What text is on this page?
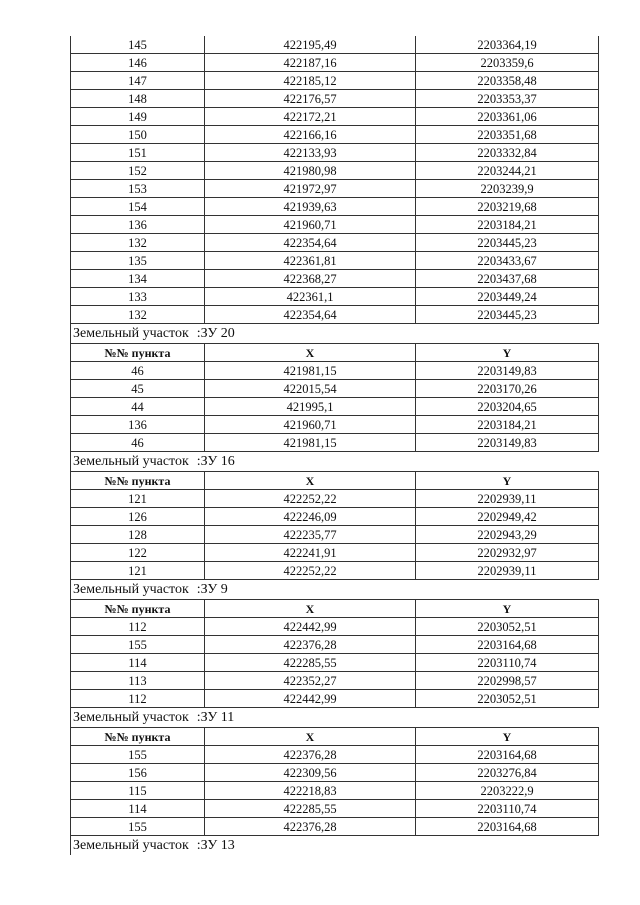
145	422195,49	2203364,19
146	422187,16	2203359,6
147	422185,12	2203358,48
148	422176,57	2203353,37
149	422172,21	2203361,06
150	422166,16	2203351,68
151	422133,93	2203332,84
152	421980,98	2203244,21
153	421972,97	2203239,9
154	421939,63	2203219,68
136	421960,71	2203184,21
132	422354,64	2203445,23
135	422361,81	2203433,67
134	422368,27	2203437,68
133	422361,1	2203449,24
132	422354,64	2203445,23
Земельный участок :ЗУ 20
№№ пункта	X	Y
46	421981,15	2203149,83
45	422015,54	2203170,26
44	421995,1	2203204,65
136	421960,71	2203184,21
46	421981,15	2203149,83
Земельный участок :ЗУ 16
№№ пункта	X	Y
121	422252,22	2202939,11
126	422246,09	2202949,42
128	422235,77	2202943,29
122	422241,91	2202932,97
121	422252,22	2202939,11
Земельный участок :ЗУ 9
№№ пункта	X	Y
112	422442,99	2203052,51
155	422376,28	2203164,68
114	422285,55	2203110,74
113	422352,27	2202998,57
112	422442,99	2203052,51
Земельный участок :ЗУ 11
№№ пункта	X	Y
155	422376,28	2203164,68
156	422309,56	2203276,84
115	422218,83	2203222,9
114	422285,55	2203110,74
155	422376,28	2203164,68
Земельный участок :ЗУ 13
